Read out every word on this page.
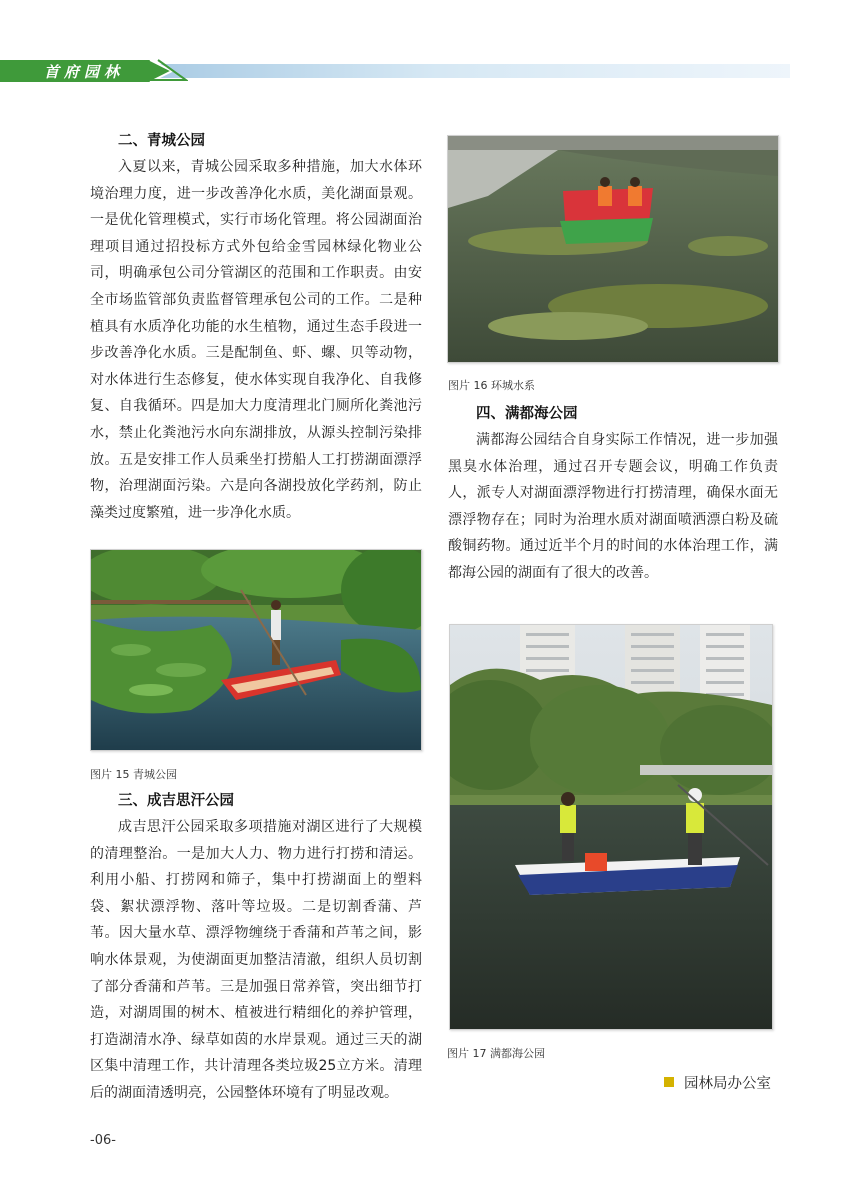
首府园林
二、青城公园

入夏以来，青城公园采取多种措施，加大水体环境治理力度，进一步改善净化水质，美化湖面景观。一是优化管理模式，实行市场化管理。将公园湖面治理项目通过招投标方式外包给金雪园林绿化物业公司，明确承包公司分管湖区的范围和工作职责。由安全市场监管部负责监督管理承包公司的工作。二是种植具有水质净化功能的水生植物，通过生态手段进一步改善净化水质。三是配制鱼、虾、螺、贝等动物，对水体进行生态修复，使水体实现自我净化、自我修复、自我循环。四是加大力度清理北门厕所化粪池污水，禁止化粪池污水向东湖排放，从源头控制污染排放。五是安排工作人员乘坐打捞船人工打捞湖面漂浮物，治理湖面污染。六是向各湖投放化学药剂，防止藻类过度繁殖，进一步净化水质。

图片 15 青城公园
三、成吉思汗公园

成吉思汗公园采取多项措施对湖区进行了大规模的清理整治。一是加大人力、物力进行打捞和清运。利用小船、打捞网和筛子，集中打捞湖面上的塑料袋、絮状漂浮物、落叶等垃圾。二是切割香蒲、芦苇。因大量水草、漂浮物缠绕于香蒲和芦苇之间，影响水体景观，为使湖面更加整洁清澈，组织人员切割了部分香蒲和芦苇。三是加强日常养管，突出细节打造，对湖周围的树木、植被进行精细化的养护管理，打造湖清水净、绿草如茵的水岸景观。通过三天的湖区集中清理工作，共计清理各类垃圾25立方米。清理后的湖面清透明亮，公园整体环境有了明显改观。

图片 16 环城水系
四、满都海公园

满都海公园结合自身实际工作情况，进一步加强黑臭水体治理，通过召开专题会议，明确工作负责人，派专人对湖面漂浮物进行打捞清理，确保水面无漂浮物存在；同时为治理水质对湖面喷洒漂白粉及硫酸铜药物。通过近半个月的时间的水体治理工作，满都海公园的湖面有了很大的改善。

图片 17 满都海公园
园林局办公室
-06-
